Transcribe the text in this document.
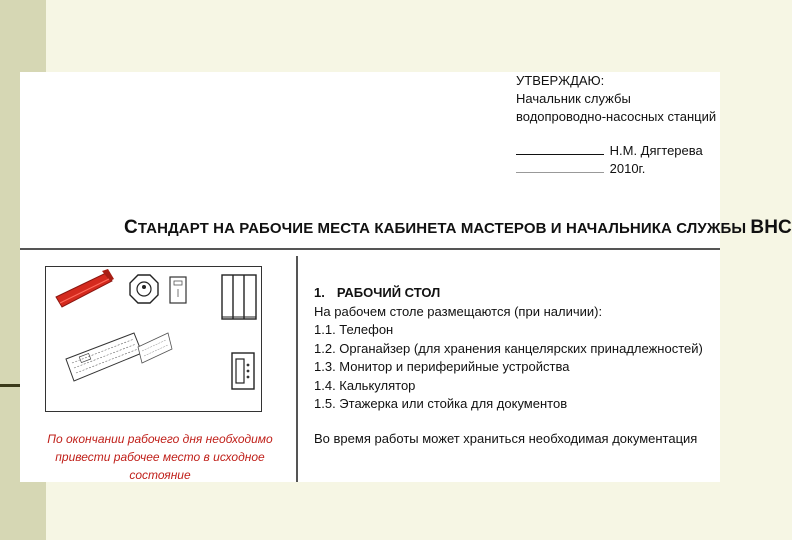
УТВЕРЖДАЮ:
Начальник службы
водопроводно-насосных станций
Н.М. Дягтерева
2010г.
СТАНДАРТ НА РАБОЧИЕ МЕСТА КАБИНЕТА МАСТЕРОВ И НАЧАЛЬНИКА СЛУЖБЫ ВНС
По окончании рабочего дня необходимо
привести рабочее место в исходное состояние
1. РАБОЧИЙ СТОЛ
На рабочем столе размещаются (при наличии):
1.1. Телефон
1.2. Органайзер (для хранения канцелярских принадлежностей)
1.3. Монитор и периферийные устройства
1.4. Калькулятор
1.5. Этажерка или стойка для документов
Во время работы может храниться необходимая документация
